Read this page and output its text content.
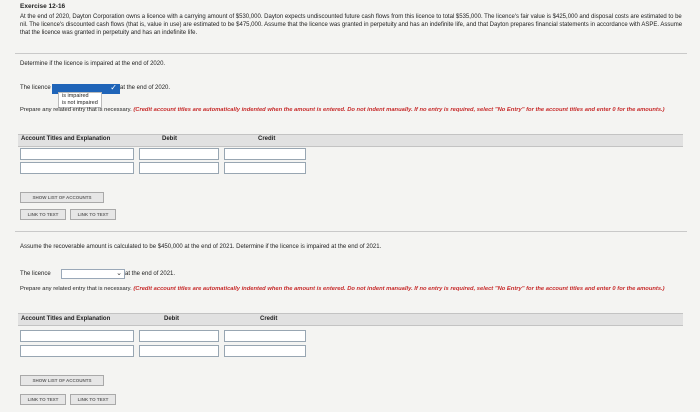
Exercise 12-16
At the end of 2020, Dayton Corporation owns a licence with a carrying amount of $530,000. Dayton expects undiscounted future cash flows from this licence to total $535,000. The licence's fair value is $425,000 and disposal costs are estimated to be nil. The licence's discounted cash flows (that is, value in use) are estimated to be $475,000. Assume that the licence was granted in perpetuity and has an indefinite life, and that Dayton prepares financial statements in accordance with ASPE. Assume that the licence was granted in perpetuity and has an indefinite life.
Determine if the licence is impaired at the end of 2020.
The licence	✓
is impaired
is not impaired
at the end of 2020.
Prepare any related entry that is necessary. (Credit account titles are automatically indented when the amount is entered. Do not indent manually. If no entry is required, select "No Entry" for the account titles and enter 0 for the amounts.)
Account Titles and Explanation	Debit	Credit
SHOW LIST OF ACCOUNTS
LINK TO TEXT	LINK TO TEXT
Assume the recoverable amount is calculated to be $450,000 at the end of 2021. Determine if the licence is impaired at the end of 2021.
The licence	⌄ at the end of 2021.
Prepare any related entry that is necessary. (Credit account titles are automatically indented when the amount is entered. Do not indent manually. If no entry is required, select "No Entry" for the account titles and enter 0 for the amounts.)
Account Titles and Explanation	Debit	Credit
SHOW LIST OF ACCOUNTS
LINK TO TEXT	LINK TO TEXT
